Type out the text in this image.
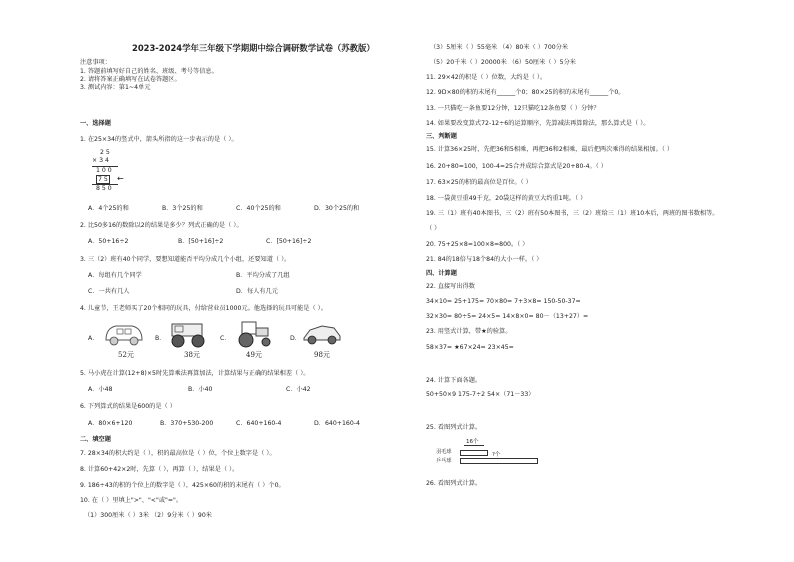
2023-2024学年三年级下学期期中综合调研数学试卷（苏教版）
注意事项：
1. 答题前填写好自己的姓名、班级、考号等信息。
2. 请将答案正确填写在试卷答题区。
3. 测试内容：第1~4单元
一、选择题
1. 在25×34的竖式中，箭头所指的这一步表示的是（ ）。
2 5
× 3 4
1 0 0
7 5 ←
8 5 0
A．4个25的和	B．3个25的和	C．40个25的和	D．30个25的和
2. 比50多16的数除以2的结果是多少？列式正确的是（ ）。
A．50+16÷2	B．[50+16]÷2	C．[50+16]÷2
3. 三（2）班有40个同学，要想知道能否平均分成几个小组，还要知道（ ）。
A．每组有几个同学	B．平均分成了几组
C．一共有几人	D．每人有几元
4. 儿童节，王老师买了20个相同的玩具，付给营业员1000元。他选择的玩具可能是（ ）。
A．
52元
B．
38元
C．
49元
D．
98元
5. 马小虎在计算(12+8)×5时先算乘法再算加法，计算结果与正确的结果相差（ ）。
A．小48	B．小40	C．小42
6. 下列算式的结果是600的是（ ）
A．80×6+120	B．370+530-200	C．640+160-4	D．640+160-4
二、填空题
7. 28×34的积大约是（ ），积的最高位是（ ）位，个位上数字是（ ）。
8. 计算60+42×2时，先算（ ），再算（ ），结果是（ ）。
9. 186÷43的积的个位上的数字是（ ），425×60的积的末尾有（ ）个0。
10. 在（ ）里填上">"、"<"或"="。
（1）300厘米（ ）3米 （2）9分米（ ）90米
（3）5厘米（ ）55毫米 （4）80米（ ）700分米
（5）20千米（ ）20000米 （6）50厘米（ ）5分米
11. 29×42的积是（ ）位数，大约是（ ）。
12. 9D×80的积的末尾有______个0；80×25的积的末尾有______个0。
13. 一只猫吃一条鱼要12分钟，12只猫吃12条鱼要（ ）分钟？
14. 如果要改变算式72-12÷6的运算顺序，先算减法再算除法，那么算式是（ ）。
三、判断题
15. 计算36×25时，先把36和5相乘，再把36和2相乘，最后把两次乘得的结果相加。（ ）
16. 20+80=100，100-4=25合并成综合算式是20+80-4。（ ）
17. 63×25的积的最高位是百位。（ ）
18. 一袋黄豆重49千克，20袋这样的黄豆大约重1吨。（ ）
19. 三（1）班有40本图书，三（2）班有50本图书，三（2）班给三（1）班10本后，两班的图书数相等。
（ ）
20. 75+25×8=100×8=800。（ ）
21. 84的18倍与18个84的大小一样。（ ）
四、计算题
22. 直接写出得数
34×10= 25+175= 70×80= 7+3×8= 150-50-37=
32×30= 80÷5= 24×5= 14×8×0= 80－（13+27）=
23. 用竖式计算，带★的验算。
58×37= ★67×24= 23×45=
24. 计算下面各题。
50+50×9 175-7÷2 54×（71－33）
25. 看图列式计算。
16个
羽毛球	?个
乒乓球
26. 看图列式计算。
